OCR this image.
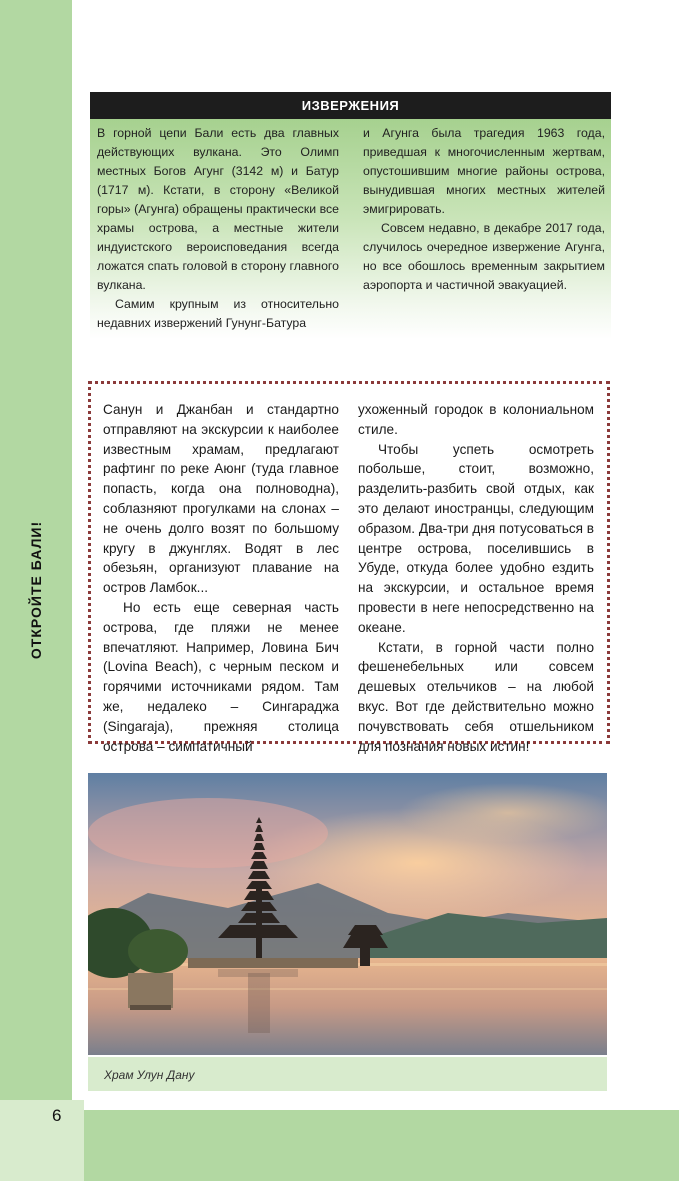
ОТКРОЙТЕ БАЛИ!
6
ИЗВЕРЖЕНИЯ

В горной цепи Бали есть два главных действующих вулкана. Это Олимп местных Богов Агунг (3142 м) и Батур (1717 м). Кстати, в сторону «Великой горы» (Агунга) обращены практически все храмы острова, а местные жители индуистского вероисповедания всегда ложатся спать головой в сторону главного вулкана.

Самим крупным из относительно недавних извержений Гунунг-Батура

и Агунга была трагедия 1963 года, приведшая к многочисленным жертвам, опустошившим многие районы острова, вынудившая многих местных жителей эмигрировать.

Совсем недавно, в декабре 2017 года, случилось очередное извержение Агунга, но все обошлось временным закрытием аэропорта и частичной эвакуацией.

Санун и Джанбан и стандартно отправляют на экскурсии к наиболее известным храмам, предлагают рафтинг по реке Аюнг (туда главное попасть, когда она полноводна), соблазняют прогулками на слонах – не очень долго возят по большому кругу в джунглях. Водят в лес обезьян, организуют плавание на остров Ламбок...

Но есть еще северная часть острова, где пляжи не менее впечатляют. Например, Ловина Бич (Lovina Beach), с черным песком и горячими источниками рядом. Там же, недалеко – Сингараджа (Singaraja), прежняя столица острова – симпатичный

ухоженный городок в колониальном стиле.

Чтобы успеть осмотреть побольше, стоит, возможно, разделить-разбить свой отдых, как это делают иностранцы, следующим образом. Два-три дня потусоваться в центре острова, поселившись в Убуде, откуда более удобно ездить на экскурсии, и остальное время провести в неге непосредственно на океане.

Кстати, в горной части полно фешенебельных или совсем дешевых отельчиков – на любой вкус. Вот где действительно можно почувствовать себя отшельником для познания новых истин!

Храм Улун Дану
